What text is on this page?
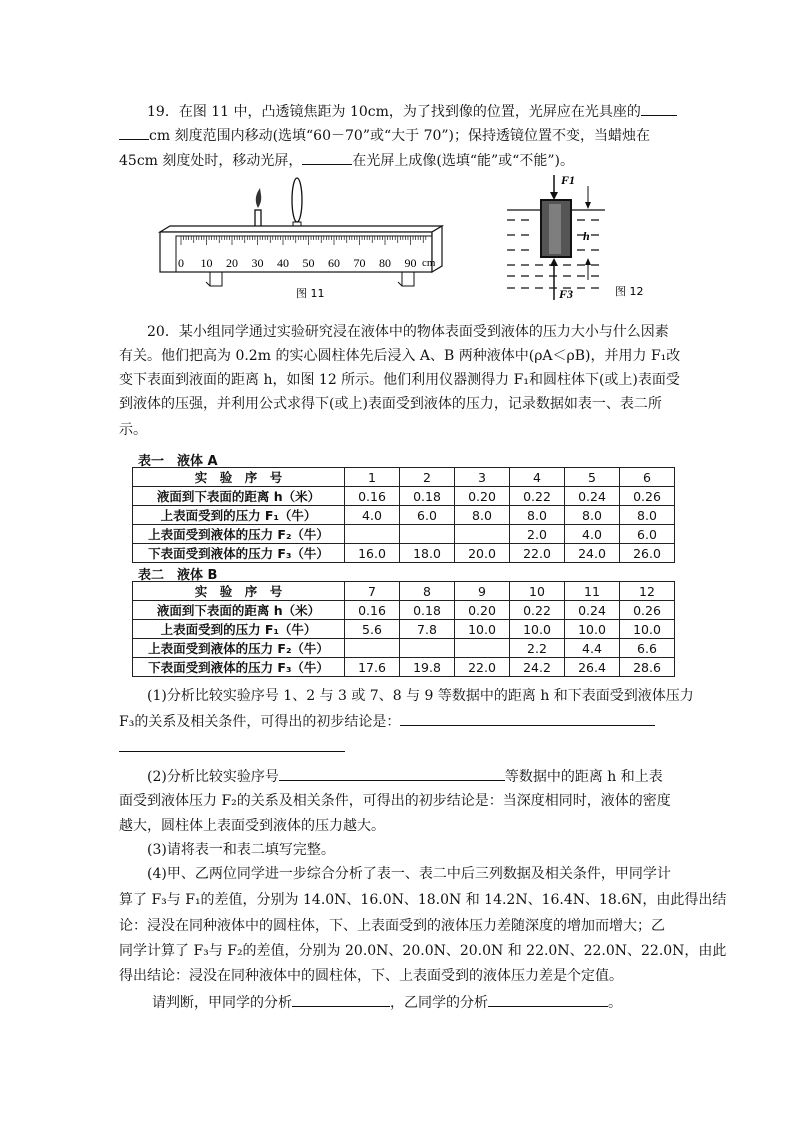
19．在图 11 中，凸透镜焦距为 10cm，为了找到像的位置，光屏应在光具座的
cm 刻度范围内移动(选填“60－70”或“大于 70”)；保持透镜位置不变，当蜡烛在
45cm 刻度处时，移动光屏，	在光屏上成像(选填“能”或“不能”)。
0 10 20 30 40 50 60 70 80 90 cm
图 11
F1
h
F3	图 12
20．某小组同学通过实验研究浸在液体中的物体表面受到液体的压力大小与什么因素
有关。他们把高为 0.2m 的实心圆柱体先后浸入 A、B 两种液体中(ρA＜ρB)，并用力 F₁改
变下表面到液面的距离 h，如图 12 所示。他们利用仪器测得力 F₁和圆柱体下(或上)表面受
到液体的压强，并利用公式求得下(或上)表面受到液体的压力，记录数据如表一、表二所
示。
表一　液体 A
实　验　序　号	1	2	3	4	5	6
液面到下表面的距离 h（米）	0.16	0.18	0.20	0.22	0.24	0.26
上表面受到的压力 F₁（牛）	4.0	6.0	8.0	8.0	8.0	8.0
上表面受到液体的压力 F₂（牛）				2.0	4.0	6.0
下表面受到液体的压力 F₃（牛）	16.0	18.0	20.0	22.0	24.0	26.0
表二　液体 B
实　验　序　号	7	8	9	10	11	12
液面到下表面的距离 h（米）	0.16	0.18	0.20	0.22	0.24	0.26
上表面受到的压力 F₁（牛）	5.6	7.8	10.0	10.0	10.0	10.0
上表面受到液体的压力 F₂（牛）				2.2	4.4	6.6
下表面受到液体的压力 F₃（牛）	17.6	19.8	22.0	24.2	26.4	28.6
(1)分析比较实验序号 1、2 与 3 或 7、8 与 9 等数据中的距离 h 和下表面受到液体压力
F₃的关系及相关条件，可得出的初步结论是：
(2)分析比较实验序号	等数据中的距离 h 和上表
面受到液体压力 F₂的关系及相关条件，可得出的初步结论是：当深度相同时，液体的密度
越大，圆柱体上表面受到液体的压力越大。
(3)请将表一和表二填写完整。
(4)甲、乙两位同学进一步综合分析了表一、表二中后三列数据及相关条件，甲同学计
算了 F₃与 F₁的差值，分别为 14.0N、16.0N、18.0N 和 14.2N、16.4N、18.6N，由此得出结
论：浸没在同种液体中的圆柱体，下、上表面受到的液体压力差随深度的增加而增大；乙
同学计算了 F₃与 F₂的差值，分别为 20.0N、20.0N、20.0N 和 22.0N、22.0N、22.0N，由此
得出结论：浸没在同种液体中的圆柱体，下、上表面受到的液体压力差是个定值。
请判断，甲同学的分析	，乙同学的分析	。
